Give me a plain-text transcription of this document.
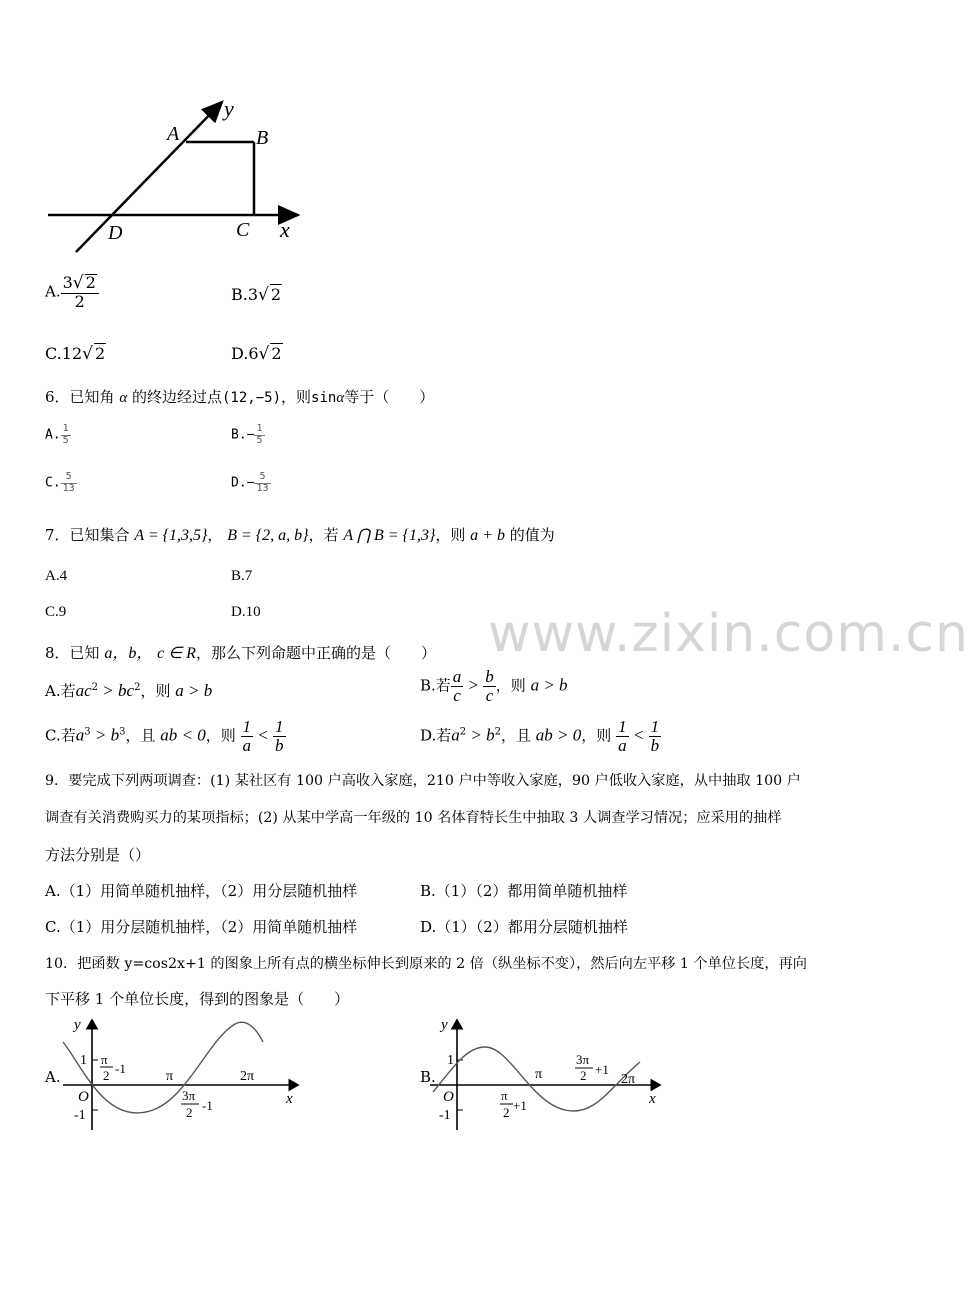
www.zixin.com.cn
y
A	B
D	C x
A. $\frac{3√ 2}{2}$	B.3√ 2
C.12√ 2	D.6√ 2
6．已知角 α 的终边经过点(12,−5)，则sinα等于（　　）
A. $\frac{1}{5}$	$B.- \frac{1}{5}$
C. $\frac{5}{13}$	$D.- \frac{5}{13}$
7．已知集合 A = {1,3,5}， B = {2, a, b}，若 A ⋂ B = {1,3}，则 a + b 的值为
A.4	B.7
C.9	D.10
8．已知 a，b， c ∈ R，那么下列命题中正确的是（　　）
A.若$ac^2 > bc^2$，则 a > b	B.若 $\frac{a}{c} > \frac{b}{c}$ ，则 a > b
C.若$a^3 > b^3$，且 ab < 0，则 $\frac{1}{a} < \frac{1}{b}$	D.若$a^2 > b^2$，且 ab > 0，则 $\frac{1}{a} < \frac{1}{b}$
9．要完成下列两项调查：(1) 某社区有 100 户高收入家庭，210 户中等收入家庭，90 户低收入家庭，从中抽取 100 户
调查有关消费购买力的某项指标；(2) 从某中学高一年级的 10 名体育特长生中抽取 3 人调查学习情况；应采用的抽样
方法分别是（）
A.（1）用简单随机抽样，（2）用分层随机抽样	B.（1）（2）都用简单随机抽样
C.（1）用分层随机抽样，（2）用简单随机抽样	D.（1）（2）都用分层随机抽样
10．把函数 y=cos2x+1 的图象上所有点的横坐标伸长到原来的 2 倍（纵坐标不变），然后向左平移 1 个单位长度，再向
下平移 1 个单位长度，得到的图象是（　　）
A.
y
x
O
1
-1
π	2π
π
2 -1
3π
2 -1
B.
y
x
O
1
-1
π	2π
π
2 +1
3π
2 +1
